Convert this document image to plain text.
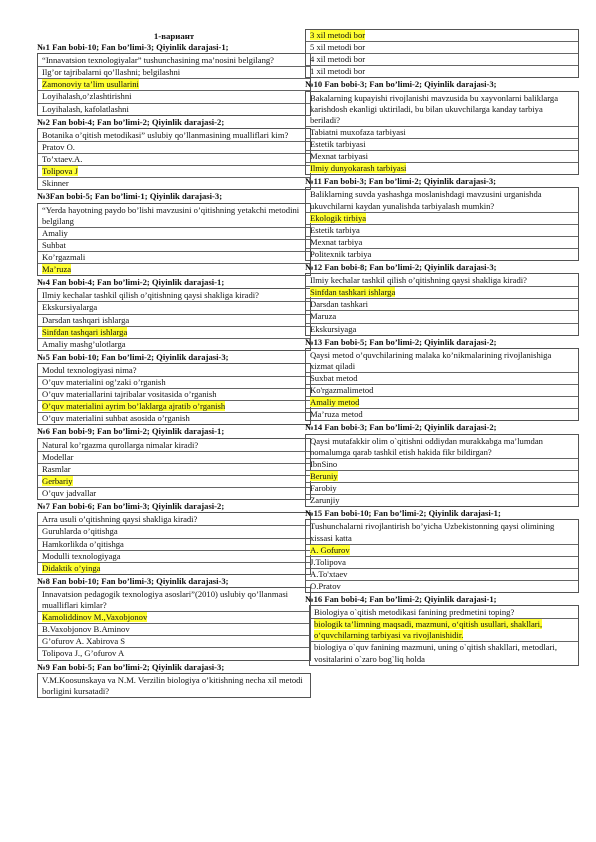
1-вариант
№1 Fan bobi-10; Fan bo’limi-3; Qiyinlik darajasi-1;
“Innavatsion texnologiyalar” tushunchasining ma’nosini belgilang?
Ilg’or tajribalarni qo’llashni; belgilashni
Zamonoviy ta’lim usullarini
Loyihalash,o’zlashtirishni
Loyihalash, kafolatlashni
№2 Fan bobi-4; Fan bo’limi-2; Qiyinlik darajasi-2;
Botanika o’qitish metodikasi” uslubiy qo’llanmasining mualliflari kim?
Pratov O.
To’xtaev.A.
Tolipova J
Skinner
№3Fan bobi-5; Fan bo’limi-1; Qiyinlik darajasi-3;
“Yerda hayotning paydo bo’lishi mavzusini o’qitishning yetakchi metodini belgilang
Amaliy
Suhbat
Ko’rgazmali
Ma’ruza
№4 Fan bobi-4; Fan bo’limi-2; Qiyinlik darajasi-1;
Ilmiy kechalar tashkil qilish o’qitishning qaysi shakliga kiradi?
Ekskursiyalarga
Darsdan tashqari ishlarga
Sinfdan tashqari ishlarga
Amaliy mashg’ulotlarga
№5 Fan bobi-10; Fan bo’limi-2; Qiyinlik darajasi-3;
Modul texnologiyasi nima?
O’quv materialini og’zaki o’rganish
O’quv materiallarini tajribalar vositasida o’rganish
O’quv materialini ayrim bo’laklarga ajratib o’rganish
O’quv materialini suhbat asosida o’rganish
№6 Fan bobi-9; Fan bo’limi-2; Qiyinlik darajasi-1;
Natural ko’rgazma qurollarga nimalar kiradi?
Modellar
Rasmlar
Gerbariy
O’quv jadvallar
№7 Fan bobi-6; Fan bo’limi-3; Qiyinlik darajasi-2;
Arra usuli o’qitishning qaysi shakliga kiradi?
Guruhlarda o’qitishga
Hamkorlikda o’qitishga
Modulli texnologiyaga
Didaktik o’yinga
№8 Fan bobi-10; Fan bo’limi-3; Qiyinlik darajasi-3;
Innavatsion pedagogik texnologiya asoslari”(2010) uslubiy qo’llanmasi mualliflari kimlar?
Kamoliddinov M.,Vaxobjonov
B.Vaxobjonov B.Aminov
G’ofurov A. Xabirova S
Tolipova J., G’ofurov A
№9 Fan bobi-5; Fan bo’limi-2; Qiyinlik darajasi-3;
V.M.Koosunskaya va N.M. Verzilin biologiya o’kitishning necha xil metodi borligini kursatadi?
3 xil metodi bor
5 xil metodi bor
4 xil metodi bor
1 xil metodi bor
№10 Fan bobi-3; Fan bo’limi-2; Qiyinlik darajasi-3;
Bakalarning kupayishi rivojlanishi mavzusida bu xayvonlarni baliklarga karishdosh ekanligi uktiriladi, bu bilan ukuvchilarga kanday tarbiya beriladi?
Tabiatni muxofaza tarbiyasi
Estetik tarbiyasi
Mexnat tarbiyasi
Ilmiy dunyokarash tarbiyasi
№11 Fan bobi-3; Fan bo’limi-2; Qiyinlik darajasi-3;
Baliklarning suvda yashashga moslanishdagi mavzusini urganishda ukuvchilarni kaydan yunalishda tarbiyalash mumkin?
Ekologik tirbiya
Estetik tarbiya
Mexnat tarbiya
Politexnik tarbiya
№12 Fan bobi-8; Fan bo’limi-2; Qiyinlik darajasi-3;
Ilmiy kechalar tashkil qilish o’qitishning qaysi shakliga kiradi?
Sinfdan tashkari ishlarga
Darsdan tashkari
Maruza
Ekskursiyaga
№13 Fan bobi-5; Fan bo’limi-2; Qiyinlik darajasi-2;
Qaysi metod o’quvchilarining malaka ko’nikmalarining rivojlanishiga xizmat qiladi
Suxbat metod
Ko'rgazmalimetod
Amaliy metod
Ma’ruza metod
№14 Fan bobi-3; Fan bo’limi-2; Qiyinlik darajasi-2;
Qaysi mutafakkir olim o`qitishni oddiydan murakkabga ma’lumdan nomalumga qarab tashkil etish hakida fikr bildirgan?
IbnSino
Beruniy
Farobiy
Zarunjiy
№15 Fan bobi-10; Fan bo’limi-2; Qiyinlik darajasi-1;
Tushunchalarni rivojlantirish bo’yicha Uzbekistonning qaysi olimining xissasi katta
A. Gofurov
J.Tolipova
A.To'xtaev
O.Pratov
№16 Fan bobi-4; Fan bo’limi-2; Qiyinlik darajasi-1;
Biologiya o`qitish metodikasi fanining predmetini toping?
biologik ta’limning maqsadi, mazmuni, o‘qitish usullari, shakllari, o‘quvchilarning tarbiyasi va rivojlanishidir.
biologiya o`quv fanining mazmuni, uning o`qitish shakllari, metodlari, vositalarini o`zaro bog`liq holda
